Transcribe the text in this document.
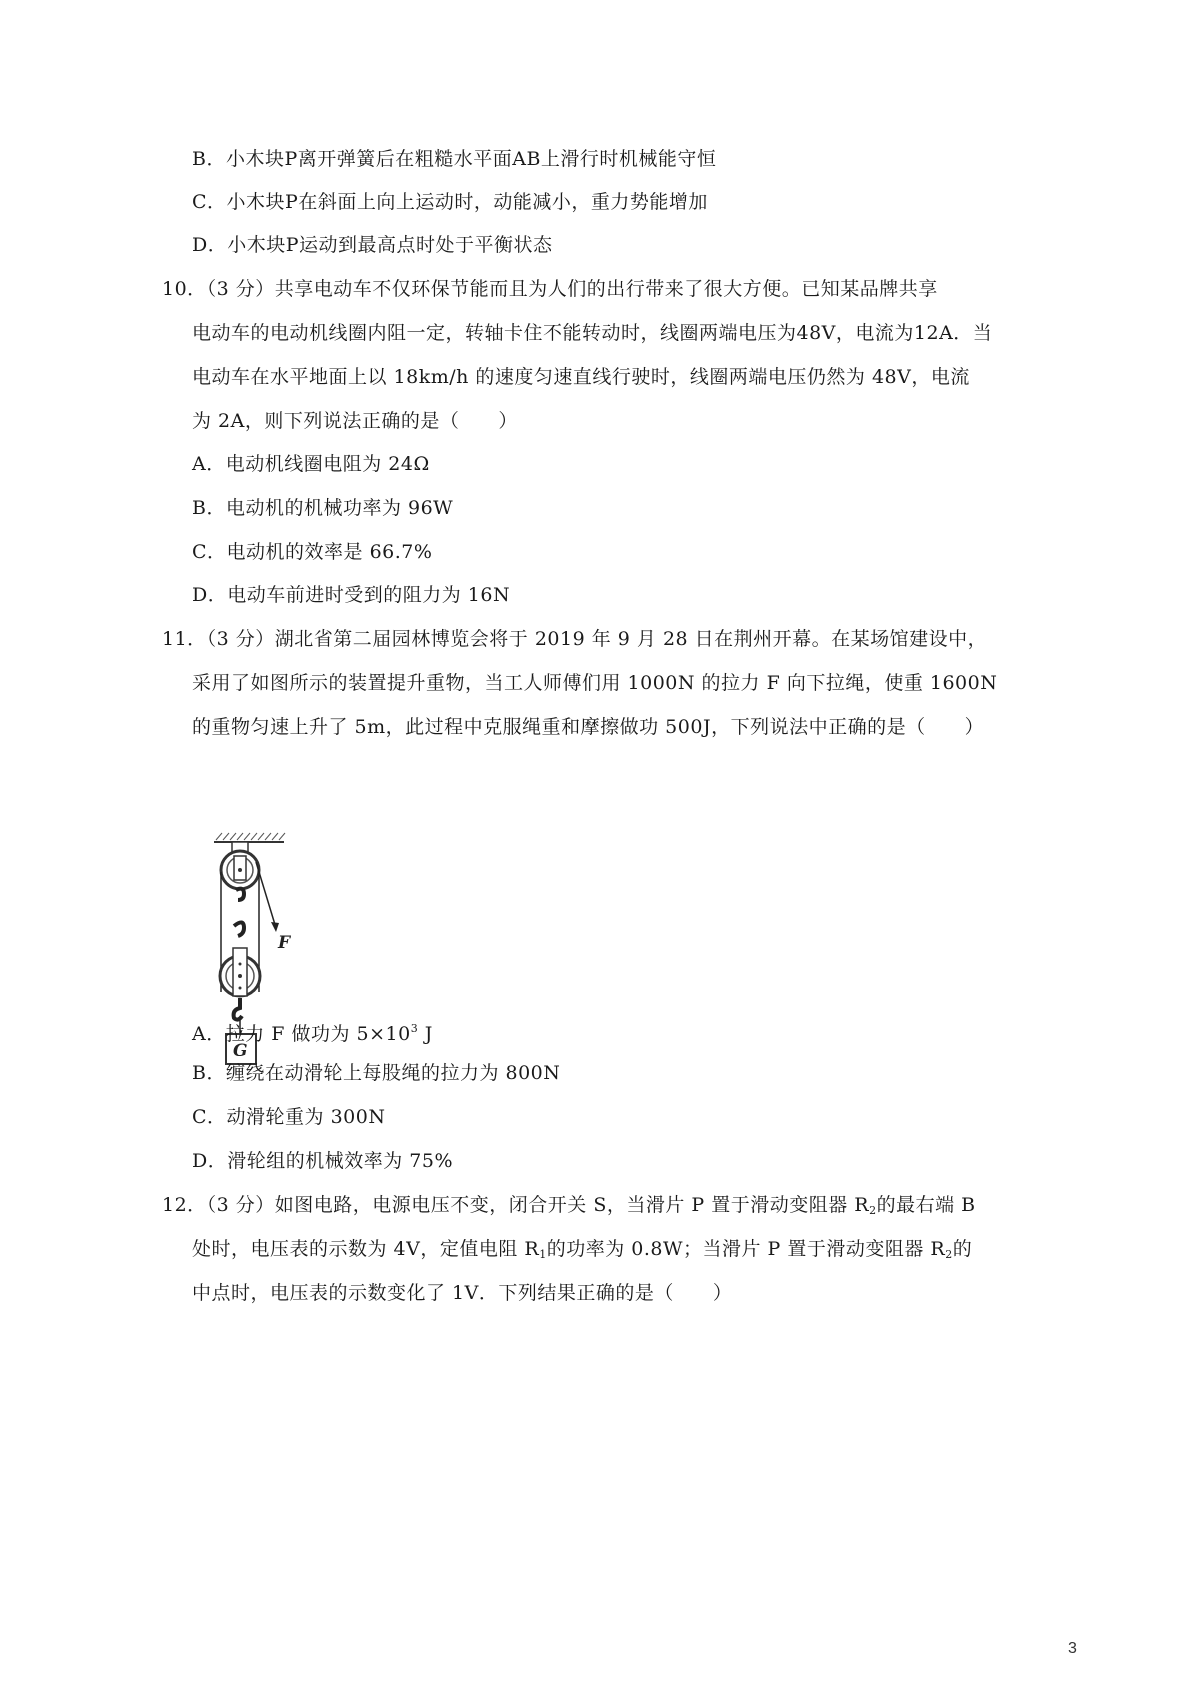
B．小木块P离开弹簧后在粗糙水平面AB上滑行时机械能守恒
C．小木块P在斜面上向上运动时，动能减小，重力势能增加
D．小木块P运动到最高点时处于平衡状态
10．（3 分）共享电动车不仅环保节能而且为人们的出行带来了很大方便。已知某品牌共享
电动车的电动机线圈内阻一定，转轴卡住不能转动时，线圈两端电压为48V，电流为12A．当
电动车在水平地面上以 18km/h 的速度匀速直线行驶时，线圈两端电压仍然为 48V，电流
为 2A，则下列说法正确的是（　　）
A．电动机线圈电阻为 24Ω
B．电动机的机械功率为 96W
C．电动机的效率是 66.7%
D．电动车前进时受到的阻力为 16N
11．（3 分）湖北省第二届园林博览会将于 2019 年 9 月 28 日在荆州开幕。在某场馆建设中，
采用了如图所示的装置提升重物，当工人师傅们用 1000N 的拉力 F 向下拉绳，使重 1600N
的重物匀速上升了 5m，此过程中克服绳重和摩擦做功 500J，下列说法中正确的是（　　）
F
G
A．拉力 F 做功为 $5\times 10^3$ J
B．缠绕在动滑轮上每股绳的拉力为 800N
C．动滑轮重为 300N
D．滑轮组的机械效率为 75%
12．（3 分）如图电路，电源电压不变，闭合开关 S，当滑片 P 置于滑动变阻器 $R_2$的最右端 B
处时，电压表的示数为 4V，定值电阻 $R_1$的功率为 0.8W；当滑片 P 置于滑动变阻器 $R_2$的
中点时，电压表的示数变化了 1V．下列结果正确的是（　　）
3
